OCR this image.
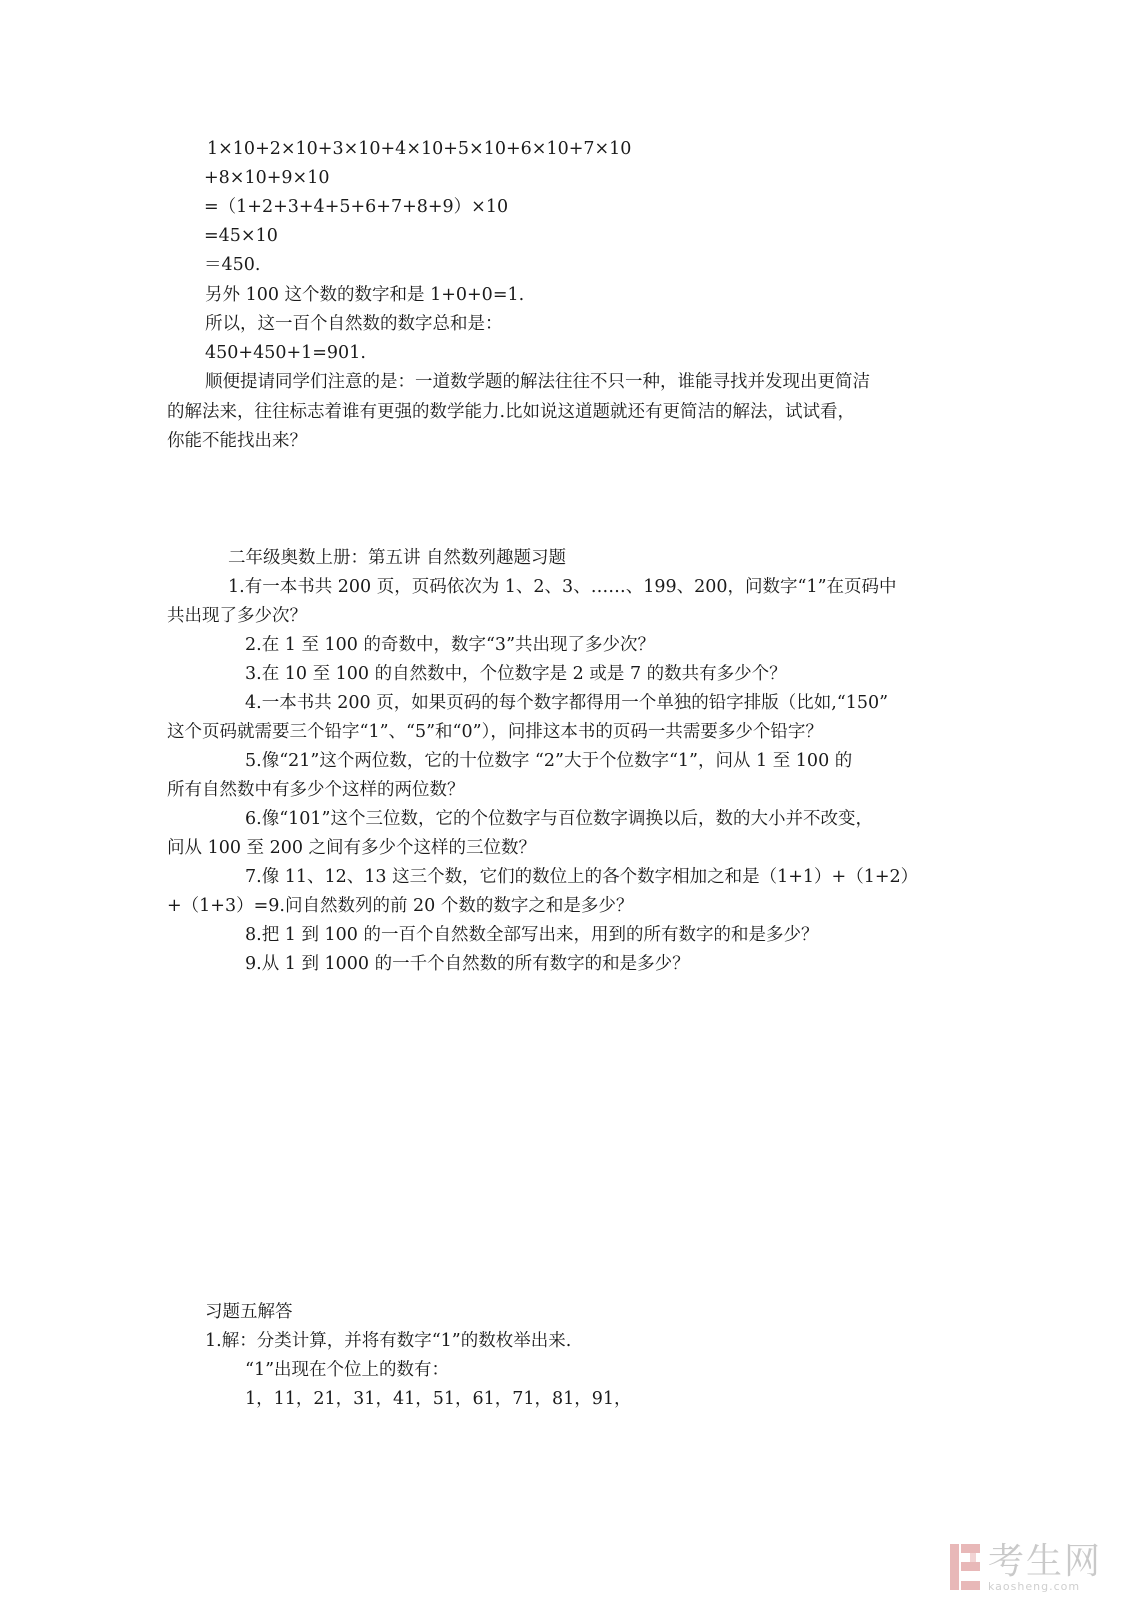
1×10+2×10+3×10+4×10+5×10+6×10+7×10
+8×10+9×10
=（1+2+3+4+5+6+7+8+9）×10
=45×10
＝450.
另外 100 这个数的数字和是 1+0+0=1.
所以，这一百个自然数的数字总和是：
450+450+1=901.
顺便提请同学们注意的是：一道数学题的解法往往不只一种，谁能寻找并发现出更简洁
的解法来，往往标志着谁有更强的数学能力.比如说这道题就还有更简洁的解法，试试看，
你能不能找出来？
二年级奥数上册：第五讲 自然数列趣题习题
1.有一本书共 200 页，页码依次为 1、2、3、……、199、200，问数字“1”在页码中
共出现了多少次？
2.在 1 至 100 的奇数中，数字“3”共出现了多少次？
3.在 10 至 100 的自然数中，个位数字是 2 或是 7 的数共有多少个？
4.一本书共 200 页，如果页码的每个数字都得用一个单独的铅字排版（比如,“150”
这个页码就需要三个铅字“1”、“5”和“0”），问排这本书的页码一共需要多少个铅字？
5.像“21”这个两位数，它的十位数字 “2”大于个位数字“1”，问从 1 至 100 的
所有自然数中有多少个这样的两位数？
6.像“101”这个三位数，它的个位数字与百位数字调换以后，数的大小并不改变，
问从 100 至 200 之间有多少个这样的三位数？
7.像 11、12、13 这三个数，它们的数位上的各个数字相加之和是（1+1）+（1+2）
+（1+3）=9.问自然数列的前 20 个数的数字之和是多少？
8.把 1 到 100 的一百个自然数全部写出来，用到的所有数字的和是多少？
9.从 1 到 1000 的一千个自然数的所有数字的和是多少？
习题五解答
1.解：分类计算，并将有数字“1”的数枚举出来.
“1”出现在个位上的数有：
1，11，21，31，41，51，61，71，81，91，
考生网
kaosheng.com
